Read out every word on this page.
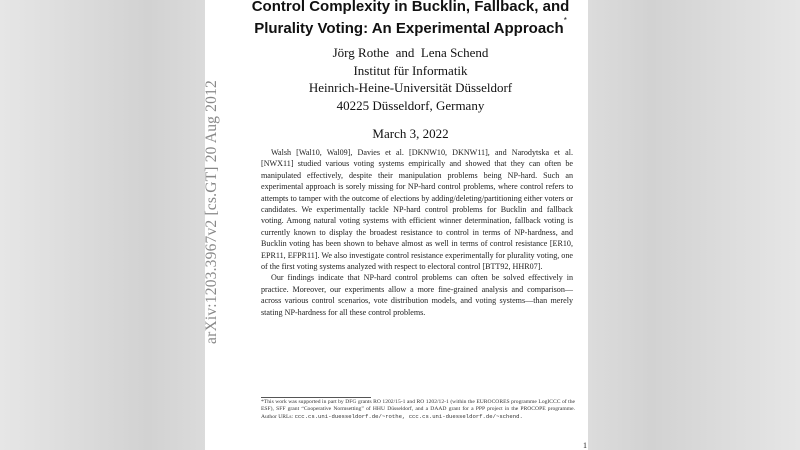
arXiv:1203.3967v2 [cs.GT] 20 Aug 2012
Control Complexity in Bucklin, Fallback, and
Plurality Voting: An Experimental Approach*
Jörg Rothe  and  Lena Schend
Institut für Informatik
Heinrich-Heine-Universität Düsseldorf
40225 Düsseldorf, Germany
March 3, 2022

Walsh [Wal10, Wal09], Davies et al. [DKNW10, DKNW11], and Narodytska et al. [NWX11] studied various voting systems empirically and showed that they can often be manipulated effectively, despite their manipulation problems being NP-hard. Such an experimental approach is sorely missing for NP-hard control problems, where control refers to attempts to tamper with the outcome of elections by adding/deleting/partitioning either voters or candidates. We experimentally tackle NP-hard control problems for Bucklin and fallback voting. Among natural voting systems with efficient winner determination, fallback voting is currently known to display the broadest resistance to control in terms of NP-hardness, and Bucklin voting has been shown to behave almost as well in terms of control resistance [ER10, EPR11, EFPR11]. We also investigate control resistance experimentally for plurality voting, one of the first voting systems analyzed with respect to electoral control [BTT92, HHR07].

Our findings indicate that NP-hard control problems can often be solved effectively in practice. Moreover, our experiments allow a more fine-grained analysis and comparison—across various control scenarios, vote distribution models, and voting systems—than merely stating NP-hardness for all these control problems.

*This work was supported in part by DFG grants RO 1202/15-1 and RO 1202/12-1 (within the EUROCORES programme LogICCC of the ESF), SFF grant “Cooperative Normsetting” of HHU Düsseldorf, and a DAAD grant for a PPP project in the PROCOPE programme. Author URLs: ccc.cs.uni-duesseldorf.de/~rothe, ccc.cs.uni-duesseldorf.de/~schend.
1
